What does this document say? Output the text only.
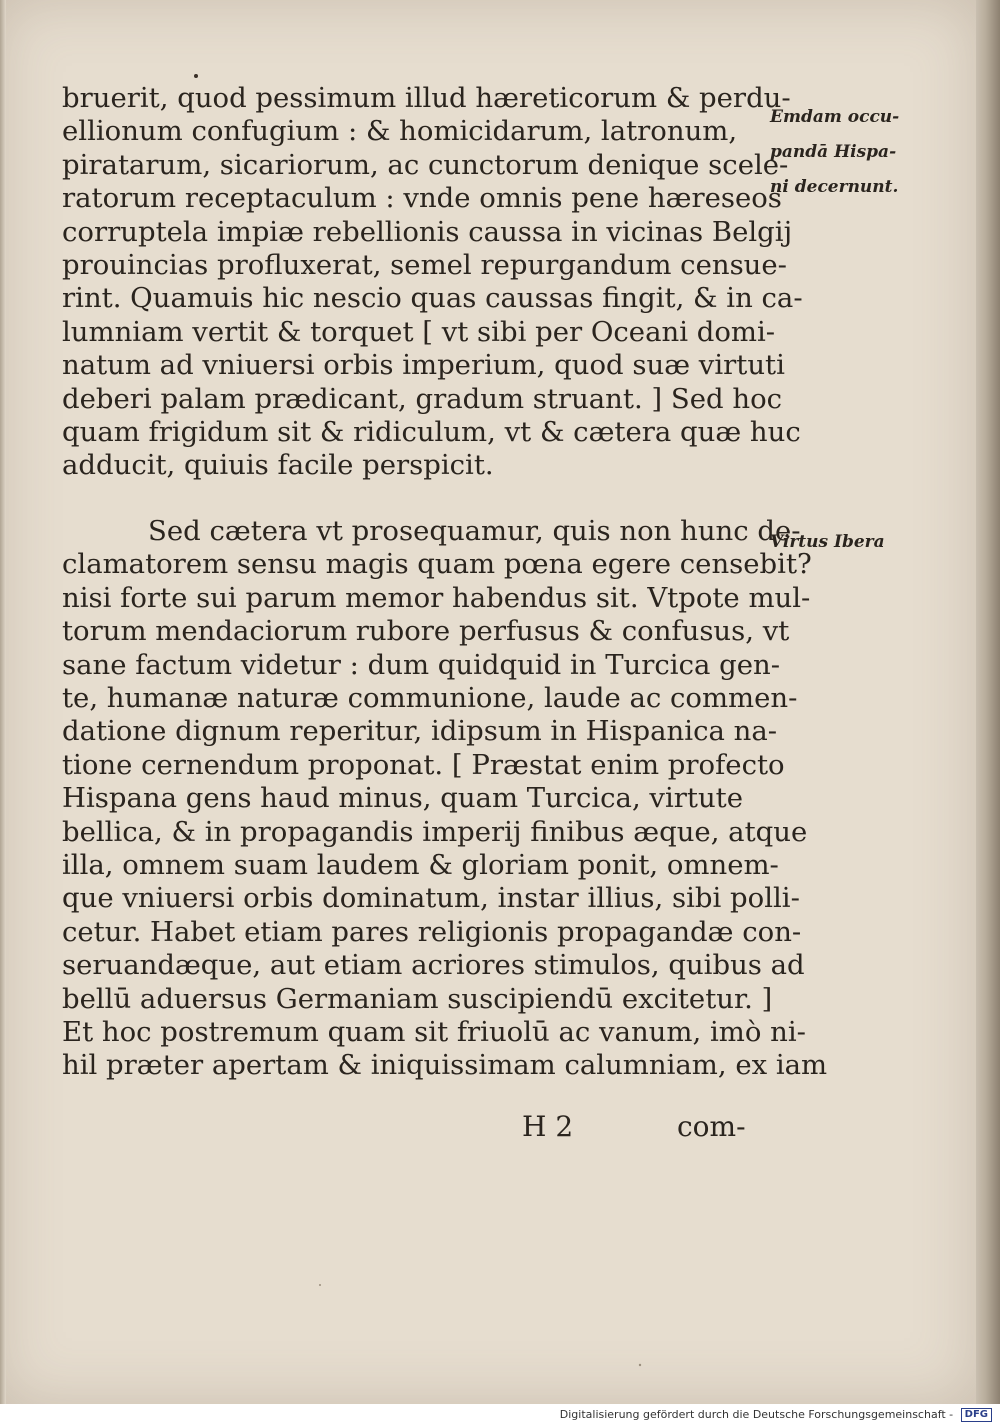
bruerit, quod pessimum illud hæreticorum & perdu-
ellionum confugium : & homicidarum, latronum,
piratarum, sicariorum, ac cunctorum denique scele-
ratorum receptaculum : vnde omnis pene hæreseos
corruptela impiæ rebellionis caussa in vicinas Belgij
prouincias profluxerat, semel repurgandum censue-
rint. Quamuis hic nescio quas caussas fingit, & in ca-
lumniam vertit & torquet [ vt sibi per Oceani domi-
natum ad vniuersi orbis imperium, quod suæ virtuti
deberi palam prædicant, gradum struant. ] Sed hoc
quam frigidum sit & ridiculum, vt & cætera quæ huc
adducit, quiuis facile perspicit.
Sed cætera vt prosequamur, quis non hunc de-
clamatorem sensu magis quam pœna egere censebit?
nisi forte sui parum memor habendus sit. Vtpote mul-
torum mendaciorum rubore perfusus & confusus, vt
sane factum videtur : dum quidquid in Turcica gen-
te, humanæ naturæ communione, laude ac commen-
datione dignum reperitur, idipsum in Hispanica na-
tione cernendum proponat. [ Præstat enim profecto
Hispana gens haud minus, quam Turcica, virtute
bellica, & in propagandis imperij finibus æque, atque
illa, omnem suam laudem & gloriam ponit, omnem-
que vniuersi orbis dominatum, instar illius, sibi polli-
cetur. Habet etiam pares religionis propagandæ con-
seruandæque, aut etiam acriores stimulos, quibus ad
bellū aduersus Germaniam suscipiendū excitetur. ]
Et hoc postremum quam sit friuolū ac vanum, imò ni-
hil præter apertam & iniquissimam calumniam, ex iam
H 2	com-
Emdam occu-
pandā Hispa-
ni decernunt.
Virtus Ibera
Digitalisierung gefördert durch die Deutsche Forschungsgemeinschaft - DFG
